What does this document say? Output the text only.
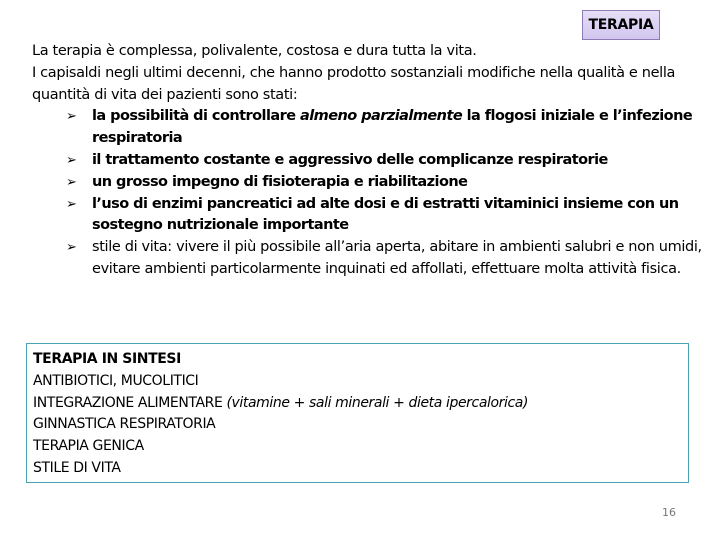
TERAPIA

La terapia è complessa, polivalente, costosa e dura tutta la vita.

I capisaldi negli ultimi decenni, che hanno prodotto sostanziali modifiche nella qualità e nella quantità di vita dei pazienti sono stati:

➢ la possibilità di controllare almeno parzialmente la flogosi iniziale e l’infezione respiratoria
➢ il trattamento costante e aggressivo delle complicanze respiratorie
➢ un grosso impegno di fisioterapia e riabilitazione
➢ l’uso di enzimi pancreatici ad alte dosi e di estratti vitaminici insieme con un sostegno nutrizionale importante
➢ stile di vita: vivere il più possibile all’aria aperta, abitare in ambienti salubri e non umidi, evitare ambienti particolarmente inquinati ed affollati, effettuare molta attività fisica.
TERAPIA IN SINTESI
ANTIBIOTICI, MUCOLITICI
INTEGRAZIONE ALIMENTARE (vitamine + sali minerali + dieta ipercalorica)
GINNASTICA RESPIRATORIA
TERAPIA GENICA
STILE DI VITA
16
